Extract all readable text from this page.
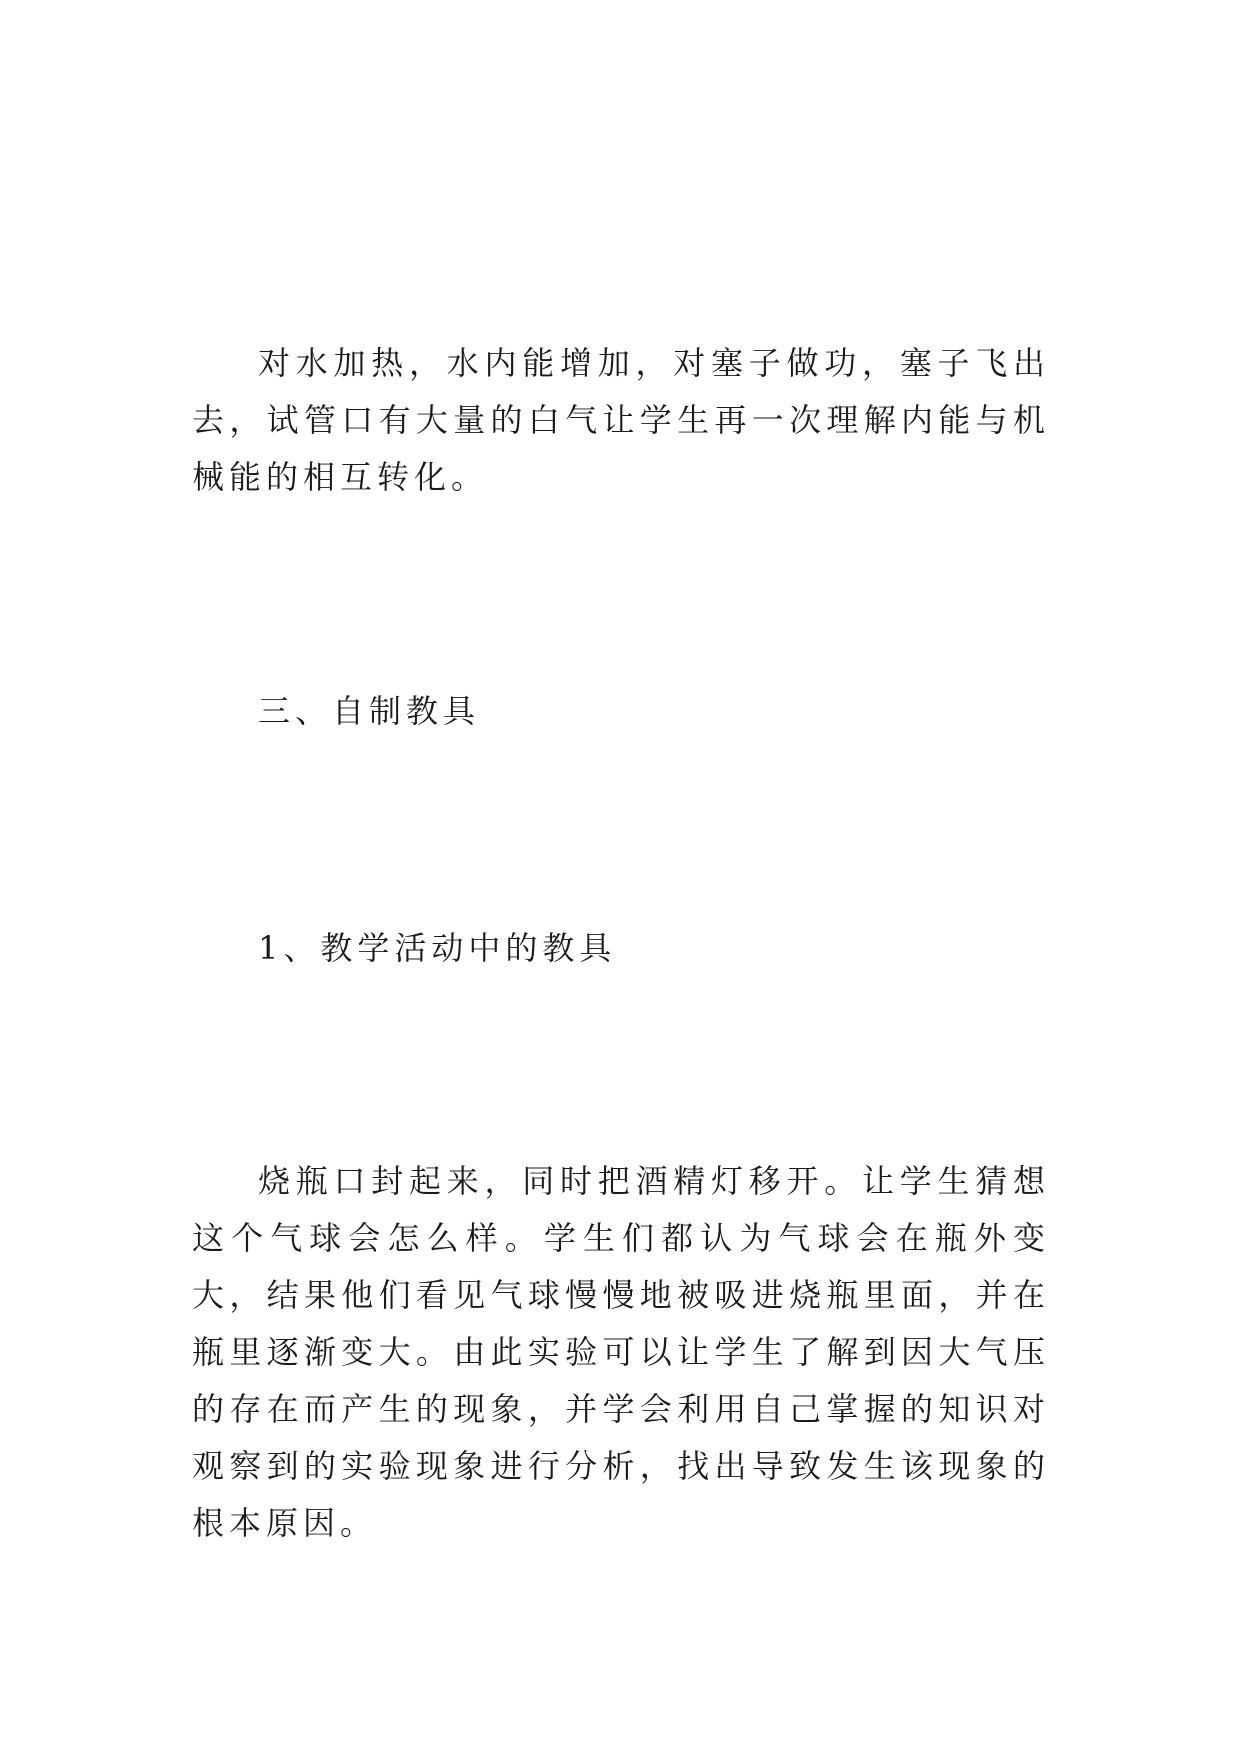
对水加热，水内能增加，对塞子做功，塞子飞出去，试管口有大量的白气让学生再一次理解内能与机械能的相互转化。

三、自制教具

1、教学活动中的教具

烧瓶口封起来，同时把酒精灯移开。让学生猜想这个气球会怎么样。学生们都认为气球会在瓶外变大，结果他们看见气球慢慢地被吸进烧瓶里面，并在瓶里逐渐变大。由此实验可以让学生了解到因大气压的存在而产生的现象，并学会利用自己掌握的知识对观察到的实验现象进行分析，找出导致发生该现象的根本原因。
